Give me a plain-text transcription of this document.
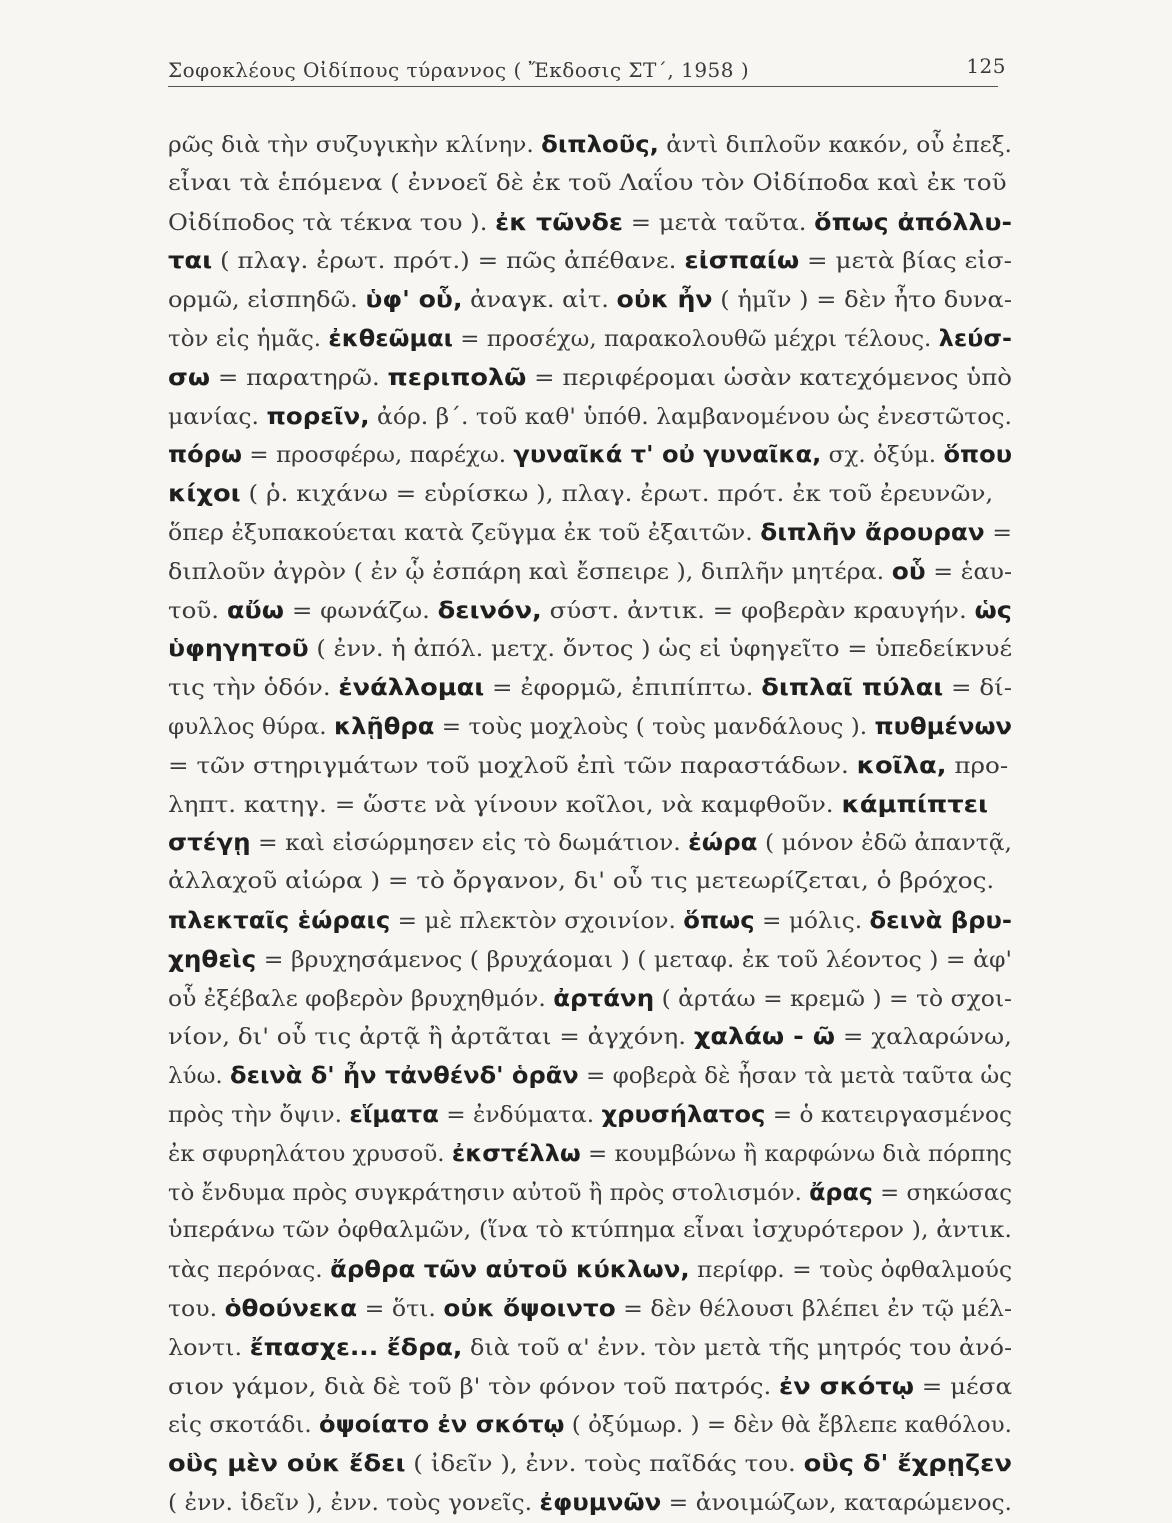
Σοφοκλέους Οἰδίπους τύραννος ( Ἔκδοσις ΣΤ΄, 1958 )	125
ρῶς διὰ τὴν συζυγικὴν κλίνην. διπλοῦς, ἀντὶ διπλοῦν κακόν, οὗ ἐπεξ.
εἶναι τὰ ἑπόμενα ( ἐννοεῖ δὲ ἐκ τοῦ Λαΐου τὸν Οἰδίποδα καὶ ἐκ τοῦ
Οἰδίποδος τὰ τέκνα του ). ἐκ τῶνδε = μετὰ ταῦτα. ὅπως ἀπόλλυ-
ται ( πλαγ. ἐρωτ. πρότ.) = πῶς ἀπέθανε. εἰσπαίω = μετὰ βίας εἰσ-
ορμῶ, εἰσπηδῶ. ὑφ' οὗ, ἀναγκ. αἰτ. οὐκ ἦν ( ἡμῖν ) = δὲν ἦτο δυνα-
τὸν εἰς ἡμᾶς. ἐκθεῶμαι = προσέχω, παρακολουθῶ μέχρι τέλους. λεύσ-
σω = παρατηρῶ. περιπολῶ = περιφέρομαι ὡσὰν κατεχόμενος ὑπὸ
μανίας. πορεῖν, ἀόρ. β΄. τοῦ καθ' ὑπόθ. λαμβανομένου ὡς ἐνεστῶτος.
πόρω = προσφέρω, παρέχω. γυναῖκά τ' οὐ γυναῖκα, σχ. ὀξύμ. ὅπου
κίχοι ( ῥ. κιχάνω = εὑρίσκω ), πλαγ. ἐρωτ. πρότ. ἐκ τοῦ ἐρευνῶν,
ὅπερ ἐξυπακούεται κατὰ ζεῦγμα ἐκ τοῦ ἐξαιτῶν. διπλῆν ἄρουραν =
διπλοῦν ἀγρὸν ( ἐν ᾧ ἐσπάρη καὶ ἔσπειρε ), διπλῆν μητέρα. οὗ = ἑαυ-
τοῦ. αὔω = φωνάζω. δεινόν, σύστ. ἀντικ. = φοβερὰν κραυγήν. ὡς
ὑφηγητοῦ ( ἐνν. ἡ ἀπόλ. μετχ. ὄντος ) ὡς εἰ ὑφηγεῖτο = ὑπεδείκνυέ
τις τὴν ὁδόν. ἐνάλλομαι = ἐφορμῶ, ἐπιπίπτω. διπλαῖ πύλαι = δί-
φυλλος θύρα. κλῇθρα = τοὺς μοχλοὺς ( τοὺς μανδάλους ). πυθμένων
= τῶν στηριγμάτων τοῦ μοχλοῦ ἐπὶ τῶν παραστάδων. κοῖλα, προ-
ληπτ. κατηγ. = ὥστε νὰ γίνουν κοῖλοι, νὰ καμφθοῦν. κάμπίπτει
στέγῃ = καὶ εἰσώρμησεν εἰς τὸ δωμάτιον. ἐώρα ( μόνον ἐδῶ ἀπαντᾷ,
ἀλλαχοῦ αἰώρα ) = τὸ ὄργανον, δι' οὗ τις μετεωρίζεται, ὁ βρόχος.
πλεκταῖς ἑώραις = μὲ πλεκτὸν σχοινίον. ὅπως = μόλις. δεινὰ βρυ-
χηθεὶς = βρυχησάμενος ( βρυχάομαι ) ( μεταφ. ἐκ τοῦ λέοντος ) = ἀφ'
οὗ ἐξέβαλε φοβερὸν βρυχηθμόν. ἀρτάνη ( ἀρτάω = κρεμῶ ) = τὸ σχοι-
νίον, δι' οὗ τις ἀρτᾷ ἢ ἀρτᾶται = ἀγχόνη. χαλάω - ῶ = χαλαρώνω,
λύω. δεινὰ δ' ἦν τἀνθένδ' ὁρᾶν = φοβερὰ δὲ ἦσαν τὰ μετὰ ταῦτα ὡς
πρὸς τὴν ὄψιν. εἵματα = ἐνδύματα. χρυσήλατος = ὁ κατειργασμένος
ἐκ σφυρηλάτου χρυσοῦ. ἐκστέλλω = κουμβώνω ἢ καρφώνω διὰ πόρπης
τὸ ἔνδυμα πρὸς συγκράτησιν αὐτοῦ ἢ πρὸς στολισμόν. ἄρας = σηκώσας
ὑπεράνω τῶν ὀφθαλμῶν, (ἵνα τὸ κτύπημα εἶναι ἰσχυρότερον ), ἀντικ.
τὰς περόνας. ἄρθρα τῶν αὐτοῦ κύκλων, περίφρ. = τοὺς ὀφθαλμούς
του. ὁθούνεκα = ὅτι. οὐκ ὄψοιντο = δὲν θέλουσι βλέπει ἐν τῷ μέλ-
λοντι. ἔπασχε... ἔδρα, διὰ τοῦ α' ἐνν. τὸν μετὰ τῆς μητρός του ἀνό-
σιον γάμον, διὰ δὲ τοῦ β' τὸν φόνον τοῦ πατρός. ἐν σκότῳ = μέσα
εἰς σκοτάδι. ὀψοίατο ἐν σκότῳ ( ὀξύμωρ. ) = δὲν θὰ ἔβλεπε καθόλου.
οὓς μὲν οὐκ ἔδει ( ἰδεῖν ), ἐνν. τοὺς παῖδάς του. οὓς δ' ἔχρῃζεν
( ἐνν. ἰδεῖν ), ἐνν. τοὺς γονεῖς. ἐφυμνῶν = ἀνοιμώζων, καταρώμενος.
